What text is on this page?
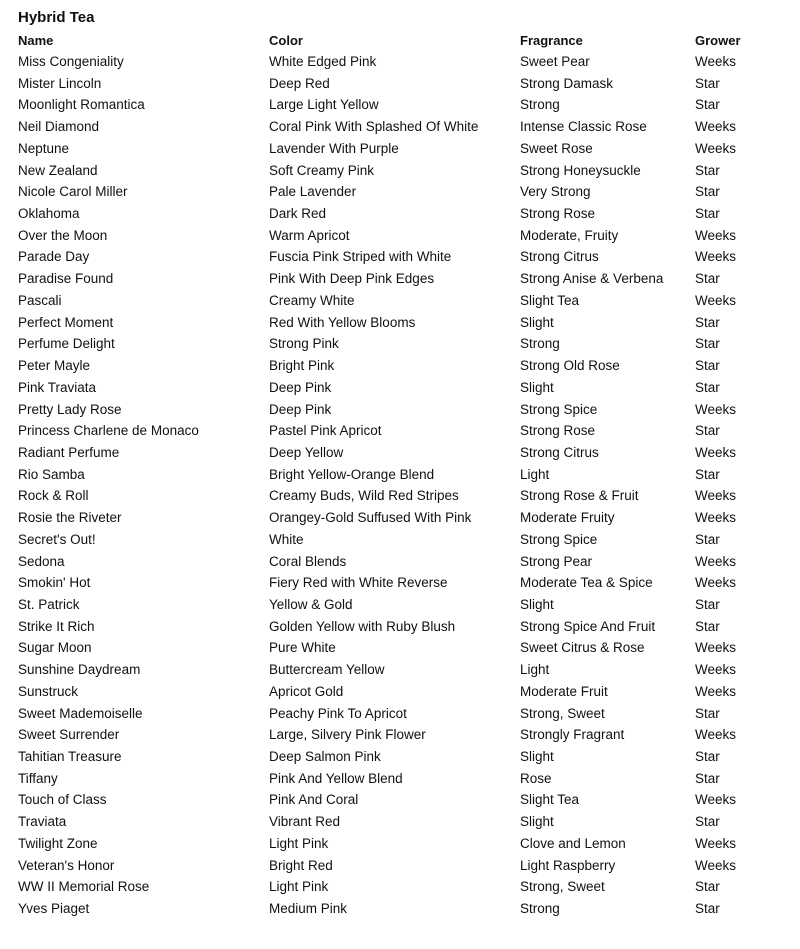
Hybrid Tea
Name	Color	Fragrance	Grower
Miss Congeniality	White Edged Pink	Sweet Pear	Weeks
Mister Lincoln	Deep Red	Strong Damask	Star
Moonlight Romantica	Large Light Yellow	Strong	Star
Neil Diamond	Coral Pink With Splashed Of White	Intense Classic Rose	Weeks
Neptune	Lavender With Purple	Sweet Rose	Weeks
New Zealand	Soft Creamy Pink	Strong Honeysuckle	Star
Nicole Carol Miller	Pale Lavender	Very Strong	Star
Oklahoma	Dark Red	Strong Rose	Star
Over the Moon	Warm Apricot	Moderate, Fruity	Weeks
Parade Day	Fuscia Pink Striped with White	Strong Citrus	Weeks
Paradise Found	Pink With Deep Pink Edges	Strong Anise & Verbena	Star
Pascali	Creamy White	Slight Tea	Weeks
Perfect Moment	Red With Yellow Blooms	Slight	Star
Perfume Delight	Strong Pink	Strong	Star
Peter Mayle	Bright Pink	Strong Old Rose	Star
Pink Traviata	Deep Pink	Slight	Star
Pretty Lady Rose	Deep Pink	Strong Spice	Weeks
Princess Charlene de Monaco	Pastel Pink Apricot	Strong Rose	Star
Radiant Perfume	Deep Yellow	Strong Citrus	Weeks
Rio Samba	Bright Yellow-Orange Blend	Light	Star
Rock & Roll	Creamy Buds, Wild Red Stripes	Strong Rose & Fruit	Weeks
Rosie the Riveter	Orangey-Gold Suffused With Pink	Moderate Fruity	Weeks
Secret's Out!	White	Strong Spice	Star
Sedona	Coral Blends	Strong Pear	Weeks
Smokin' Hot	Fiery Red with White Reverse	Moderate Tea & Spice	Weeks
St. Patrick	Yellow & Gold	Slight	Star
Strike It Rich	Golden Yellow with Ruby Blush	Strong Spice And Fruit	Star
Sugar Moon	Pure White	Sweet Citrus & Rose	Weeks
Sunshine Daydream	Buttercream Yellow	Light	Weeks
Sunstruck	Apricot Gold	Moderate Fruit	Weeks
Sweet Mademoiselle	Peachy Pink To Apricot	Strong, Sweet	Star
Sweet Surrender	Large, Silvery Pink Flower	Strongly Fragrant	Weeks
Tahitian Treasure	Deep Salmon Pink	Slight	Star
Tiffany	Pink And Yellow Blend	Rose	Star
Touch of Class	Pink And Coral	Slight Tea	Weeks
Traviata	Vibrant Red	Slight	Star
Twilight Zone	Light Pink	Clove and Lemon	Weeks
Veteran's Honor	Bright Red	Light Raspberry	Weeks
WW II Memorial Rose	Light Pink	Strong, Sweet	Star
Yves Piaget	Medium Pink	Strong	Star
